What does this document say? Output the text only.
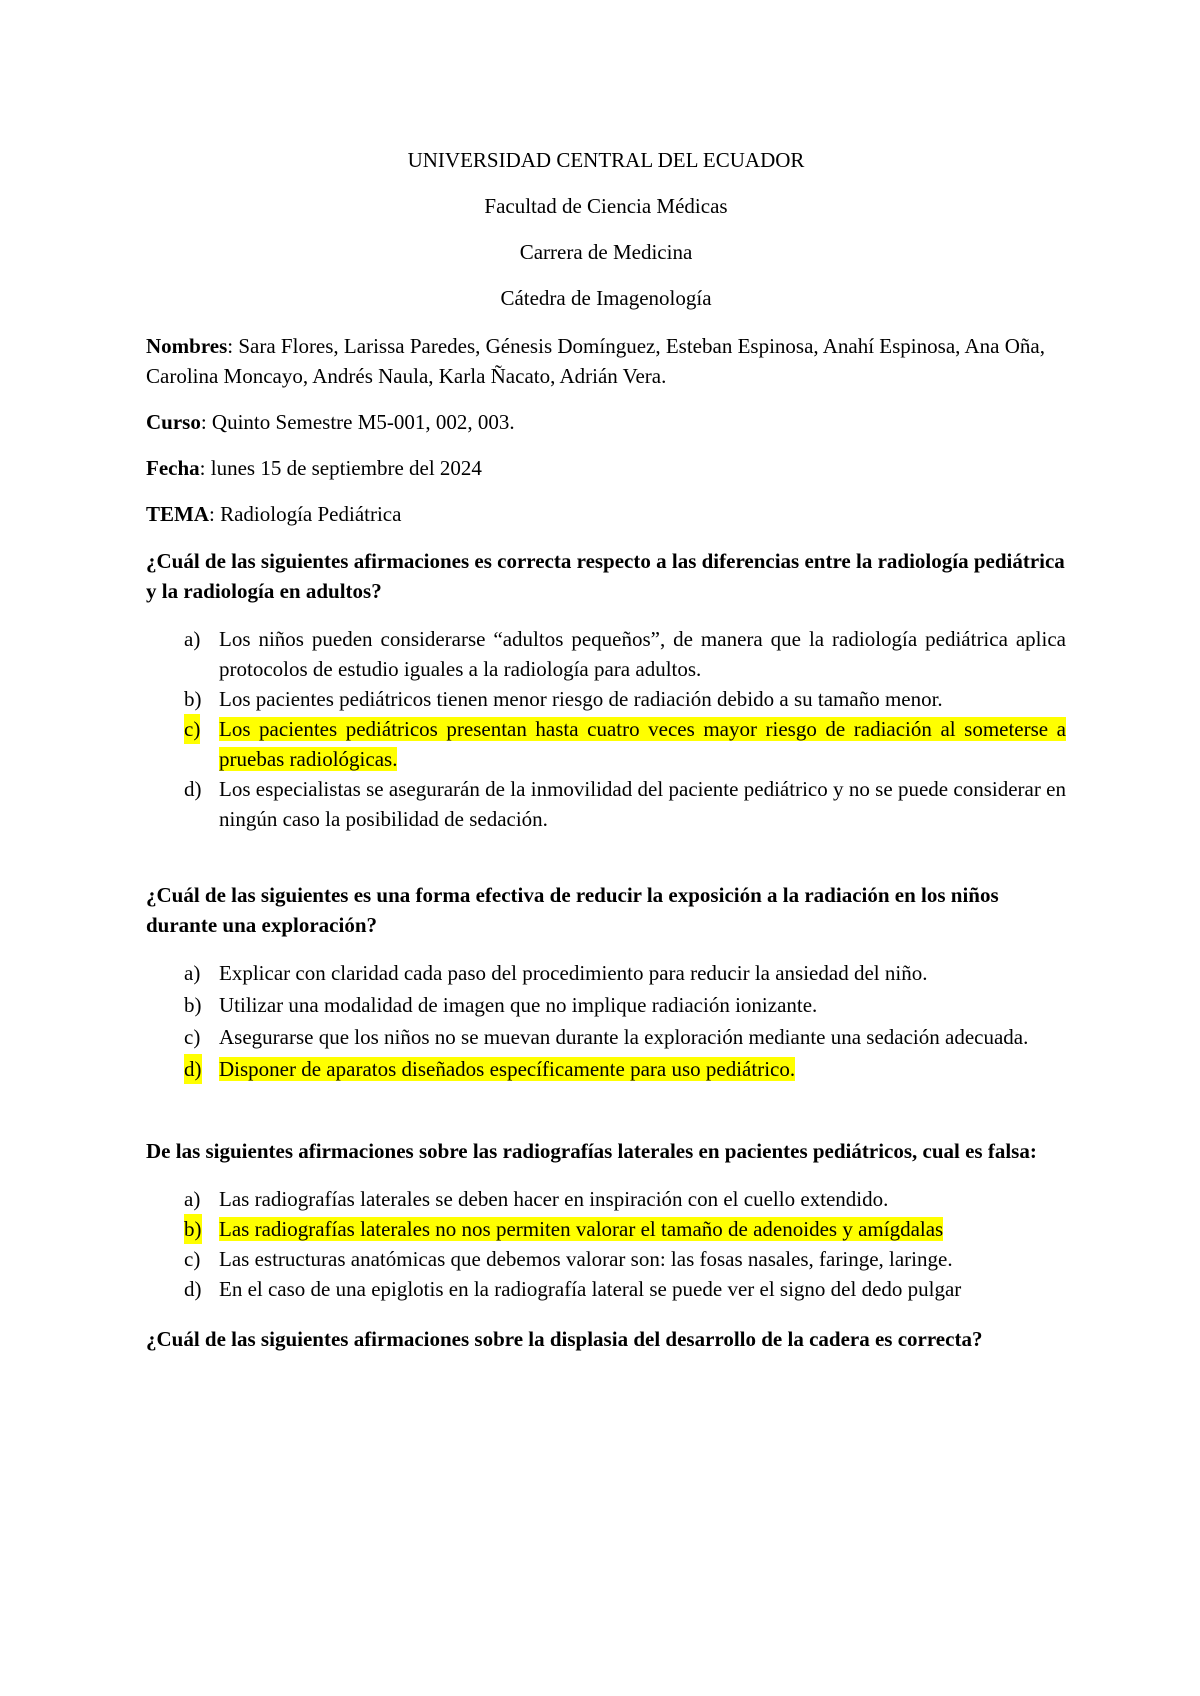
UNIVERSIDAD CENTRAL DEL ECUADOR

Facultad de Ciencia Médicas

Carrera de Medicina

Cátedra de Imagenología

Nombres: Sara Flores, Larissa Paredes, Génesis Domínguez, Esteban Espinosa, Anahí Espinosa, Ana Oña, Carolina Moncayo, Andrés Naula, Karla Ñacato, Adrián Vera.

Curso: Quinto Semestre M5-001, 002, 003.

Fecha: lunes 15 de septiembre del 2024

TEMA: Radiología Pediátrica

¿Cuál de las siguientes afirmaciones es correcta respecto a las diferencias entre la radiología pediátrica y la radiología en adultos?

a) Los niños pueden considerarse “adultos pequeños”, de manera que la radiología pediátrica aplica protocolos de estudio iguales a la radiología para adultos.
b) Los pacientes pediátricos tienen menor riesgo de radiación debido a su tamaño menor.
c) Los pacientes pediátricos presentan hasta cuatro veces mayor riesgo de radiación al someterse a pruebas radiológicas.
d) Los especialistas se asegurarán de la inmovilidad del paciente pediátrico y no se puede considerar en ningún caso la posibilidad de sedación.

¿Cuál de las siguientes es una forma efectiva de reducir la exposición a la radiación en los niños durante una exploración?

a) Explicar con claridad cada paso del procedimiento para reducir la ansiedad del niño.
b) Utilizar una modalidad de imagen que no implique radiación ionizante.
c) Asegurarse que los niños no se muevan durante la exploración mediante una sedación adecuada.
d) Disponer de aparatos diseñados específicamente para uso pediátrico.

De las siguientes afirmaciones sobre las radiografías laterales en pacientes pediátricos, cual es falsa:

a) Las radiografías laterales se deben hacer en inspiración con el cuello extendido.
b) Las radiografías laterales no nos permiten valorar el tamaño de adenoides y amígdalas
c) Las estructuras anatómicas que debemos valorar son: las fosas nasales, faringe, laringe.
d) En el caso de una epiglotis en la radiografía lateral se puede ver el signo del dedo pulgar

¿Cuál de las siguientes afirmaciones sobre la displasia del desarrollo de la cadera es correcta?
